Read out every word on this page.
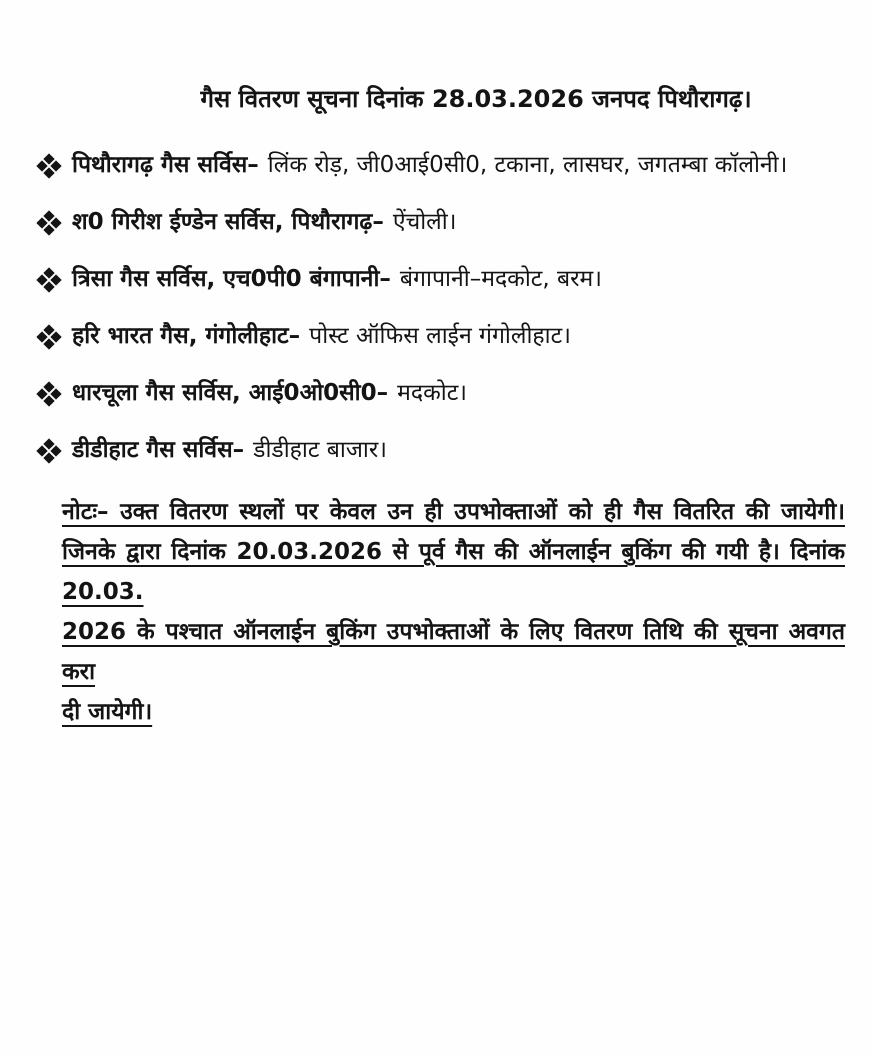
गैस वितरण सूचना दिनांक 28.03.2026 जनपद पिथौरागढ़।
पिथौरागढ़ गैस सर्विस– लिंक रोड़, जी0आई0सी0, टकाना, लासघर, जगतम्बा कॉलोनी।
श0 गिरीश ईण्डेन सर्विस, पिथौरागढ़– ऐंचोली।
त्रिसा गैस सर्विस, एच0पी0 बंगापानी– बंगापानी–मदकोट, बरम।
हरि भारत गैस, गंगोलीहाट– पोस्ट ऑफिस लाईन गंगोलीहाट।
धारचूला गैस सर्विस, आई0ओ0सी0– मदकोट।
डीडीहाट गैस सर्विस– डीडीहाट बाजार।

नोटः– उक्त वितरण स्थलों पर केवल उन ही उपभोक्ताओं को ही गैस वितरित की जायेगी।

जिनके द्वारा दिनांक 20.03.2026 से पूर्व गैस की ऑनलाईन बुकिंग की गयी है। दिनांक 20.03.

2026 के पश्चात ऑनलाईन बुकिंग उपभोक्ताओं के लिए वितरण तिथि की सूचना अवगत करा

दी जायेगी।
